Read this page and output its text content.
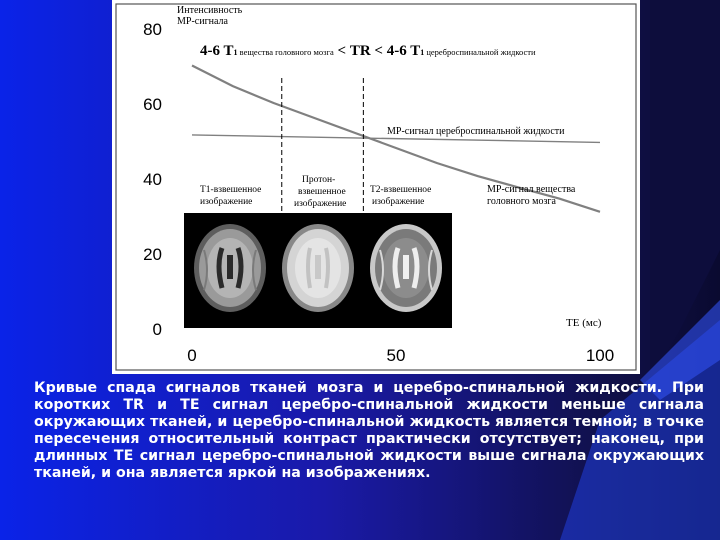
Интенсивность
МР-сигнала
4-6 T1 вещества головного мозга < TR < 4-6 T1 цереброспинальной жидкости
0
20
40
60
80
0	50	100
МР-сигнал цереброспинальной жидкости
МР-сигнал вещества
головного мозга
T1-взвешенное
изображение
Протон-
взвешенное
изображение
T2-взвешенное
изображение
TE (мс)

Кривые спада сигналов тканей мозга и церебро-спинальной жидкости. При коротких TR и TE сигнал церебро-спинальной жидкости меньше сигнала окружающих тканей, и церебро-спинальной жидкость является темной; в точке пересечения относительный контраст практически отсутствует; наконец, при длинных TE сигнал церебро-спинальной жидкости выше сигнала окружающих тканей, и она является яркой на изображениях.
